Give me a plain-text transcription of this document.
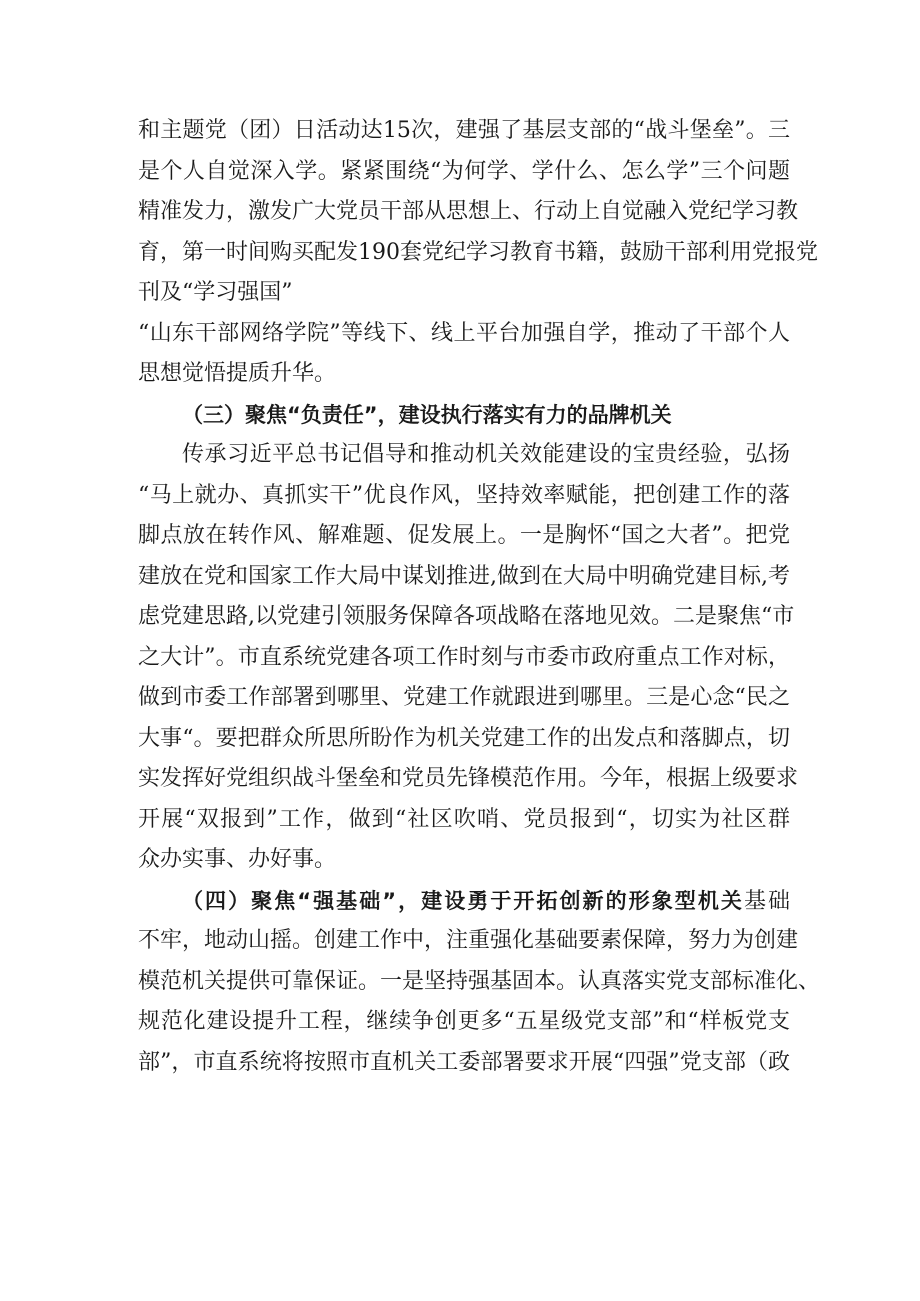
和主题党（团）日活动达15次，建强了基层支部的“战斗堡垒”。三
是个人自觉深入学。紧紧围绕“为何学、学什么、怎么学”三个问题
精准发力，激发广大党员干部从思想上、行动上自觉融入党纪学习教
育，第一时间购买配发190套党纪学习教育书籍，鼓励干部利用党报党
刊及“学习强国”
“山东干部网络学院”等线下、线上平台加强自学，推动了干部个人
思想觉悟提质升华。
（三）聚焦“负责任”，建设执行落实有力的品牌机关
传承习近平总书记倡导和推动机关效能建设的宝贵经验，弘扬
“马上就办、真抓实干”优良作风，坚持效率赋能，把创建工作的落
脚点放在转作风、解难题、促发展上。一是胸怀“国之大者”。把党
建放在党和国家工作大局中谋划推进,做到在大局中明确党建目标,考
虑党建思路,以党建引领服务保障各项战略在落地见效。二是聚焦“市
之大计”。市直系统党建各项工作时刻与市委市政府重点工作对标，
做到市委工作部署到哪里、党建工作就跟进到哪里。三是心念“民之
大事“。要把群众所思所盼作为机关党建工作的出发点和落脚点，切
实发挥好党组织战斗堡垒和党员先锋模范作用。今年，根据上级要求
开展“双报到”工作，做到“社区吹哨、党员报到“，切实为社区群
众办实事、办好事。
（四）聚焦“强基础”，建设勇于开拓创新的形象型机关基础
不牢，地动山摇。创建工作中，注重强化基础要素保障，努力为创建
模范机关提供可靠保证。一是坚持强基固本。认真落实党支部标准化、
规范化建设提升工程，继续争创更多“五星级党支部”和“样板党支
部”，市直系统将按照市直机关工委部署要求开展“四强”党支部（政
